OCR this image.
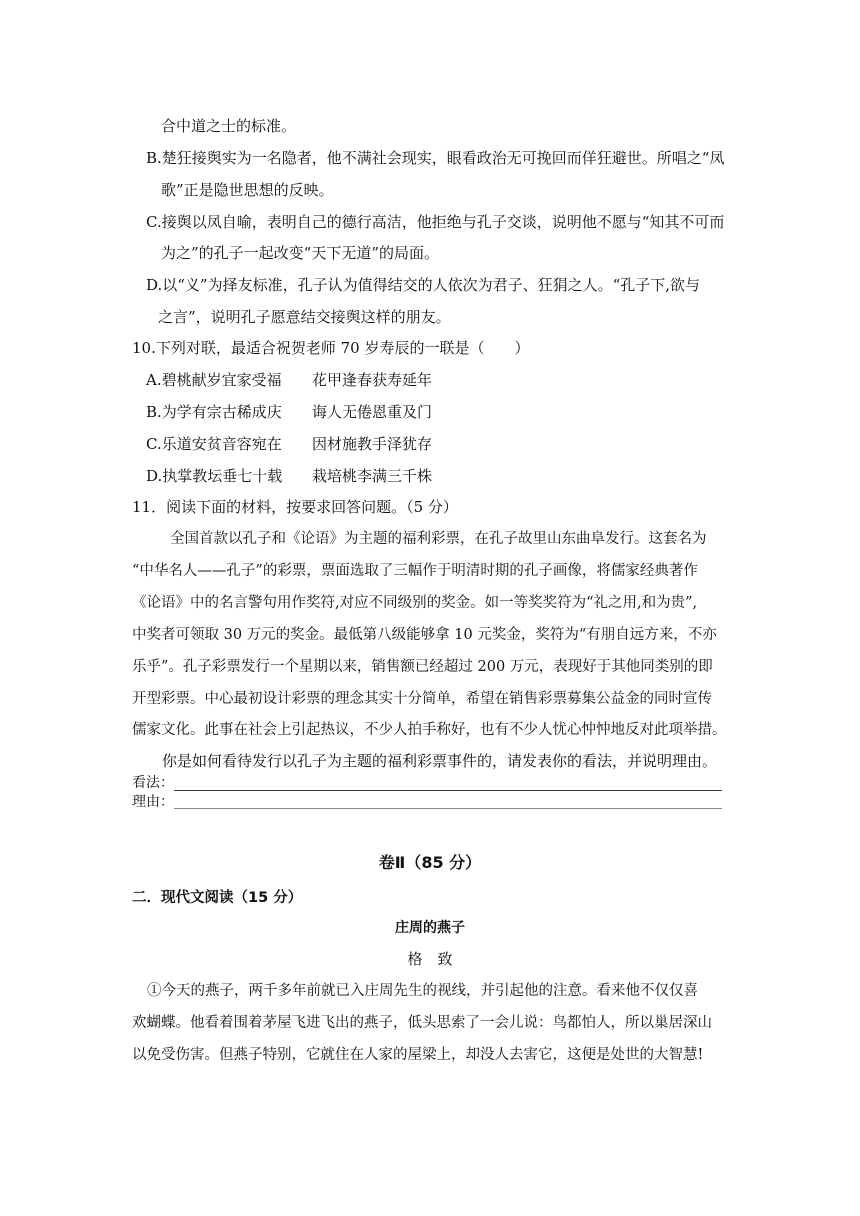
合中道之士的标准。
B.楚狂接舆实为一名隐者，他不满社会现实，眼看政治无可挽回而佯狂避世。所唱之“凤
歌”正是隐世思想的反映。
C.接舆以凤自喻，表明自己的德行高洁，他拒绝与孔子交谈，说明他不愿与“知其不可而
为之”的孔子一起改变“天下无道”的局面。
D.以“义”为择友标准，孔子认为值得结交的人依次为君子、狂狷之人。“孔子下,欲与
之言”，说明孔子愿意结交接舆这样的朋友。
10.下列对联，最适合祝贺老师 70 岁寿辰的一联是（　　）
A.碧桃献岁宜家受福 花甲逢春获寿延年
B.为学有宗古稀成庆 诲人无倦恩重及门
C.乐道安贫音容宛在 因材施教手泽犹存
D.执掌教坛垂七十载 栽培桃李满三千株
11．阅读下面的材料，按要求回答问题。（5 分）
全国首款以孔子和《论语》为主题的福利彩票，在孔子故里山东曲阜发行。这套名为
“中华名人——孔子”的彩票，票面选取了三幅作于明清时期的孔子画像，将儒家经典著作
《论语》中的名言警句用作奖符,对应不同级别的奖金。如一等奖奖符为“礼之用,和为贵”,
中奖者可领取 30 万元的奖金。最低第八级能够拿 10 元奖金，奖符为“有朋自远方来，不亦
乐乎”。孔子彩票发行一个星期以来，销售额已经超过 200 万元，表现好于其他同类别的即
开型彩票。中心最初设计彩票的理念其实十分简单，希望在销售彩票募集公益金的同时宣传
儒家文化。此事在社会上引起热议，不少人拍手称好，也有不少人忧心忡忡地反对此项举措。
你是如何看待发行以孔子为主题的福利彩票事件的，请发表你的看法，并说明理由。
看法：
理由：
卷Ⅱ（85 分）
二．现代文阅读（15 分）
庄周的燕子
格　致
①今天的燕子，两千多年前就已入庄周先生的视线，并引起他的注意。看来他不仅仅喜
欢蝴蝶。他看着围着茅屋飞进飞出的燕子，低头思索了一会儿说：鸟都怕人，所以巢居深山
以免受伤害。但燕子特别，它就住在人家的屋梁上，却没人去害它，这便是处世的大智慧!
